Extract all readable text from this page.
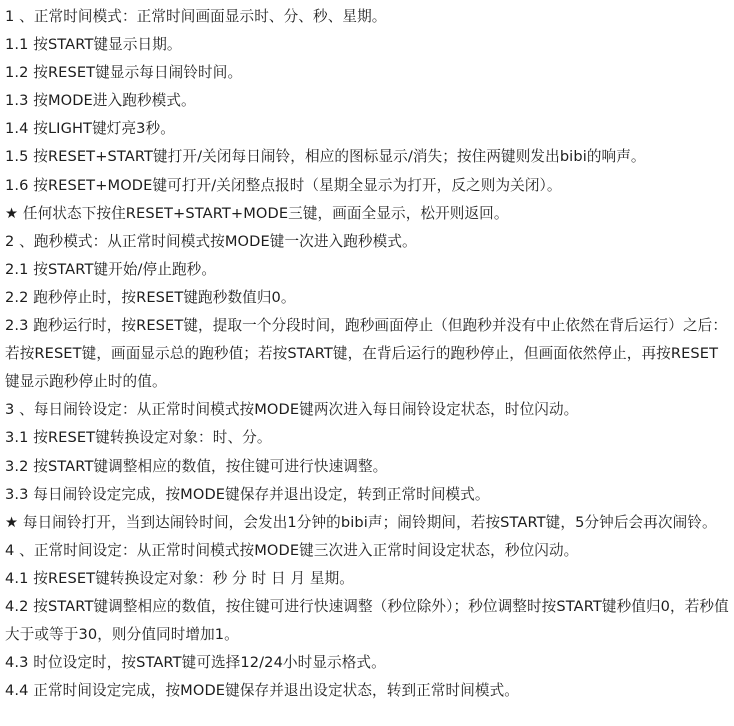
1 、正常时间模式：正常时间画面显示时、分、秒、星期。

1.1 按START键显示日期。

1.2 按RESET键显示每日闹铃时间。

1.3 按MODE进入跑秒模式。

1.4 按LIGHT键灯亮3秒。

1.5 按RESET+START键打开/关闭每日闹铃，相应的图标显示/消失；按住两键则发出bibi的响声。

1.6 按RESET+MODE键可打开/关闭整点报时（星期全显示为打开，反之则为关闭）。

★ 任何状态下按住RESET+START+MODE三键，画面全显示，松开则返回。

2 、跑秒模式：从正常时间模式按MODE键一次进入跑秒模式。

2.1 按START键开始/停止跑秒。

2.2 跑秒停止时，按RESET键跑秒数值归0。

2.3 跑秒运行时，按RESET键，提取一个分段时间，跑秒画面停止（但跑秒并没有中止依然在背后运行）之后：若按RESET键，画面显示总的跑秒值；若按START键，在背后运行的跑秒停止，但画面依然停止，再按RESET键显示跑秒停止时的值。

3 、每日闹铃设定：从正常时间模式按MODE键两次进入每日闹铃设定状态，时位闪动。

3.1 按RESET键转换设定对象：时、分。

3.2 按START键调整相应的数值，按住键可进行快速调整。

3.3 每日闹铃设定完成，按MODE键保存并退出设定，转到正常时间模式。

★ 每日闹铃打开，当到达闹铃时间，会发出1分钟的bibi声；闹铃期间，若按START键，5分钟后会再次闹铃。

4 、正常时间设定：从正常时间模式按MODE键三次进入正常时间设定状态，秒位闪动。

4.1 按RESET键转换设定对象：秒 分 时 日 月 星期。

4.2 按START键调整相应的数值，按住键可进行快速调整（秒位除外）；秒位调整时按START键秒值归0，若秒值大于或等于30，则分值同时增加1。

4.3 时位设定时，按START键可选择12/24小时显示格式。

4.4 正常时间设定完成，按MODE键保存并退出设定状态，转到正常时间模式。
